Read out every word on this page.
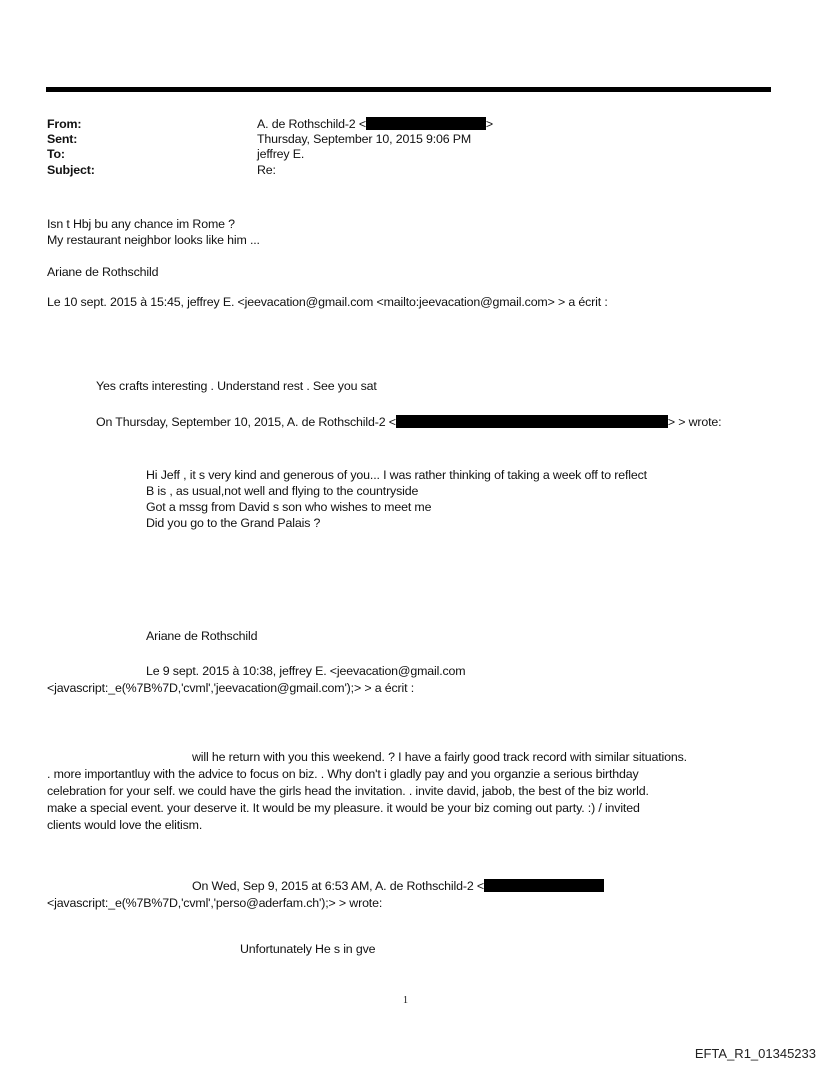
From:	A. de Rothschild-2 <	>
Sent:	Thursday, September 10, 2015 9:06 PM
To:	jeffrey E.
Subject:	Re:
Isn t Hbj bu any chance im Rome ?
My restaurant neighbor looks like him ...
Ariane de Rothschild
Le 10 sept. 2015 à 15:45, jeffrey E. <jeevacation@gmail.com <mailto:jeevacation@gmail.com> > a écrit :
Yes crafts interesting . Understand rest . See you sat
On Thursday, September 10, 2015, A. de Rothschild-2 <	> > wrote:
Hi Jeff , it s very kind and generous of you... I was rather thinking of taking a week off to reflect
B is , as usual,not well and flying to the countryside
Got a mssg from David s son who wishes to meet me
Did you go to the Grand Palais ?
Ariane de Rothschild
Le 9 sept. 2015 à 10:38, jeffrey E. <jeevacation@gmail.com
<javascript:_e(%7B%7D,'cvml','jeevacation@gmail.com');> > a écrit :
will he return with you this weekend. ? I have a fairly good track record with similar situations.
. more importantluy with the advice to focus on biz. . Why don't i gladly pay and you organzie a serious birthday
celebration for your self. we could have the girls head the invitation. . invite david, jabob, the best of the biz world.
make a special event. your deserve it. It would be my pleasure. it would be your biz coming out party. :) / invited
clients would love the elitism.
On Wed, Sep 9, 2015 at 6:53 AM, A. de Rothschild-2 <
<javascript:_e(%7B%7D,'cvml','perso@aderfam.ch');> > wrote:
Unfortunately He s in gve
1
EFTA_R1_01345233
